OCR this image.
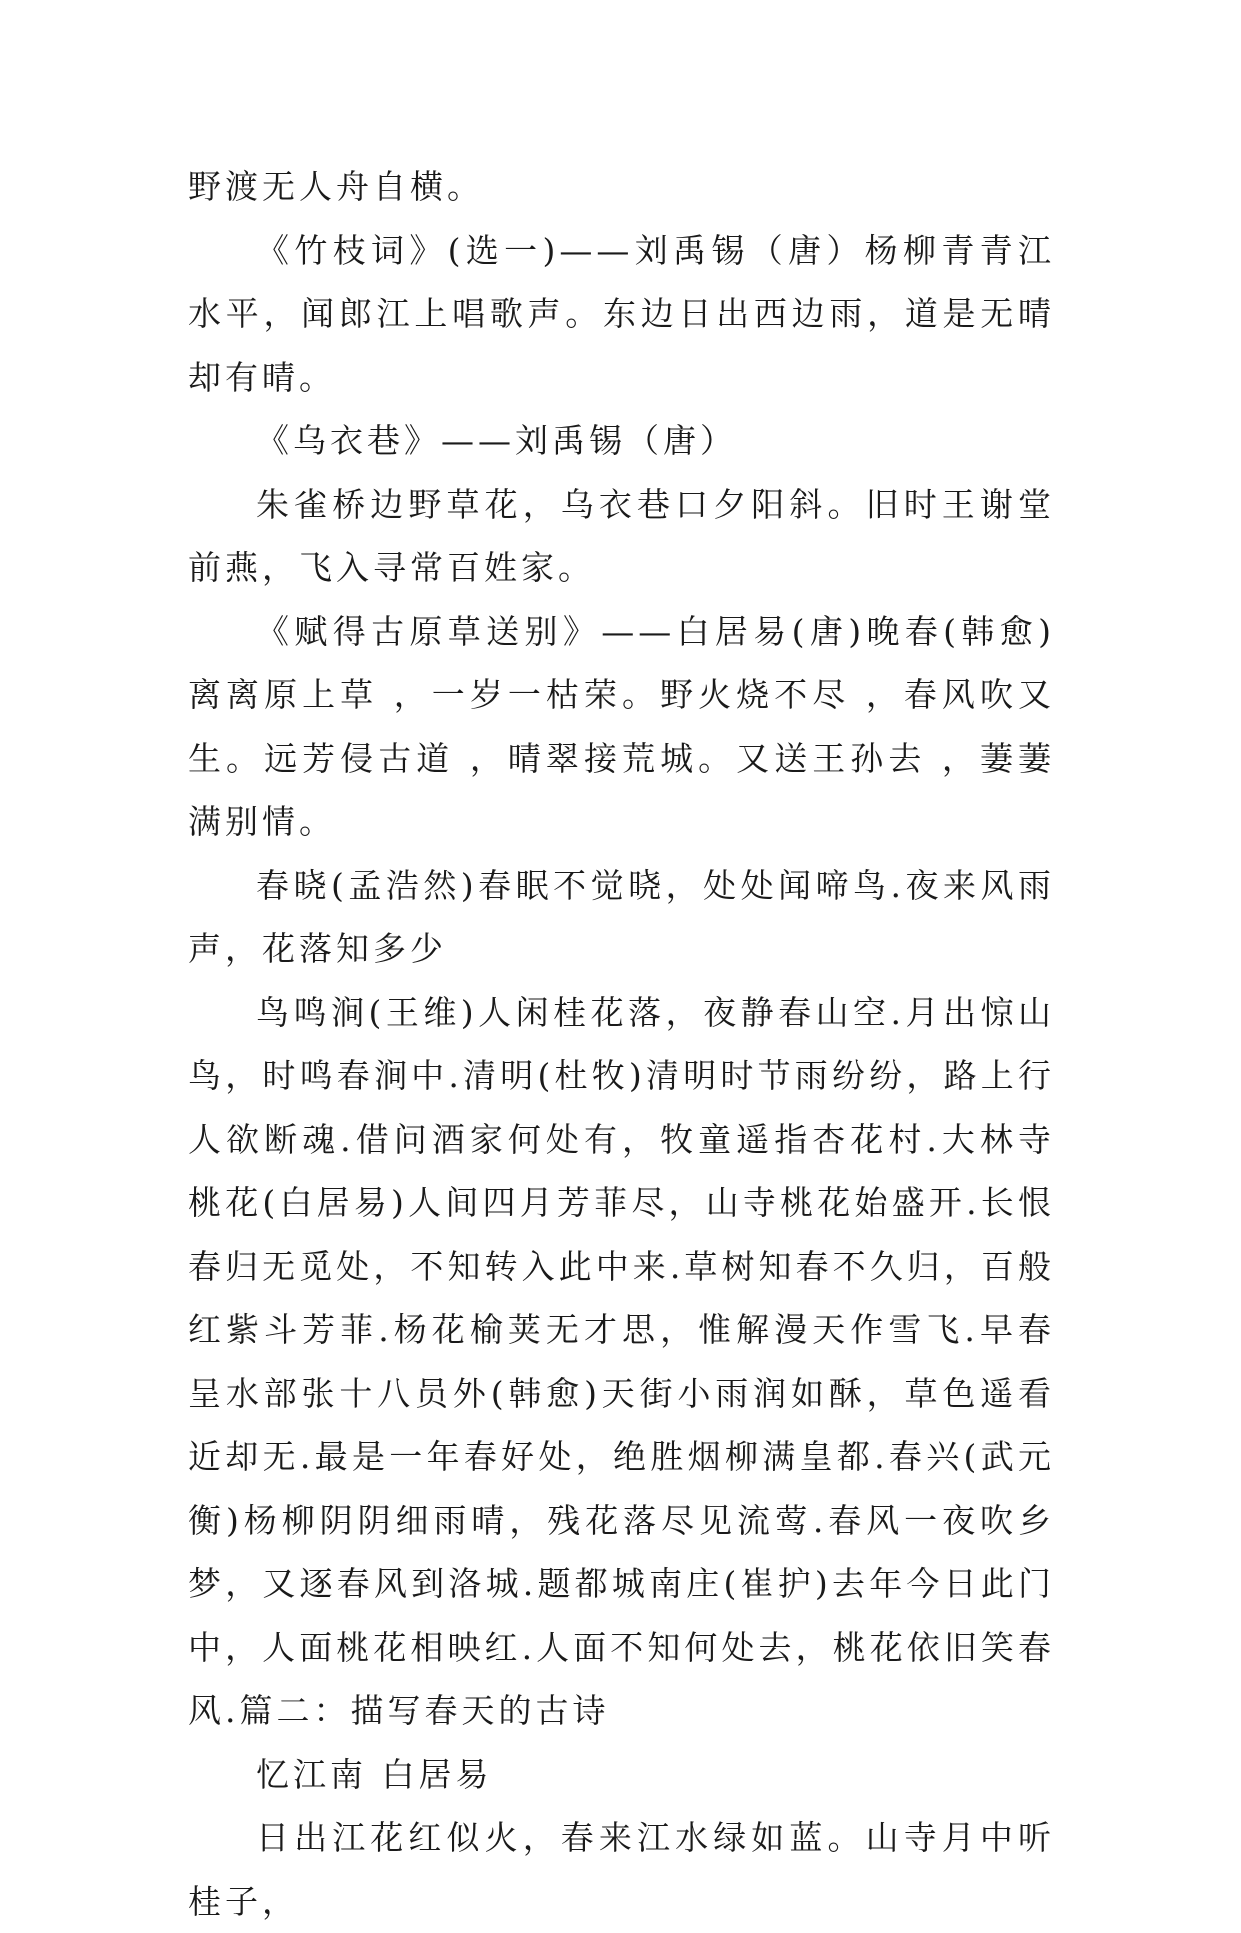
野渡无人舟自横。

《竹枝词》(选一)——刘禹锡（唐）杨柳青青江水平，闻郎江上唱歌声。东边日出西边雨，道是无晴却有晴。

《乌衣巷》——刘禹锡（唐）

朱雀桥边野草花，乌衣巷口夕阳斜。旧时王谢堂前燕，飞入寻常百姓家。

《赋得古原草送别》——白居易(唐)晚春(韩愈)离离原上草 ，一岁一枯荣。野火烧不尽 ，春风吹又生。远芳侵古道 ，晴翠接荒城。又送王孙去 ，萋萋满别情。

春晓(孟浩然)春眠不觉晓，处处闻啼鸟.夜来风雨声，花落知多少

鸟鸣涧(王维)人闲桂花落，夜静春山空.月出惊山鸟，时鸣春涧中.清明(杜牧)清明时节雨纷纷，路上行人欲断魂.借问酒家何处有，牧童遥指杏花村.大林寺桃花(白居易)人间四月芳菲尽，山寺桃花始盛开.长恨春归无觅处，不知转入此中来.草树知春不久归，百般红紫斗芳菲.杨花榆荚无才思，惟解漫天作雪飞.早春呈水部张十八员外(韩愈)天街小雨润如酥，草色遥看近却无.最是一年春好处，绝胜烟柳满皇都.春兴(武元衡)杨柳阴阴细雨晴，残花落尽见流莺.春风一夜吹乡梦，又逐春风到洛城.题都城南庄(崔护)去年今日此门中，人面桃花相映红.人面不知何处去，桃花依旧笑春风.篇二：描写春天的古诗

忆江南 白居易

日出江花红似火，春来江水绿如蓝。山寺月中听桂子，
